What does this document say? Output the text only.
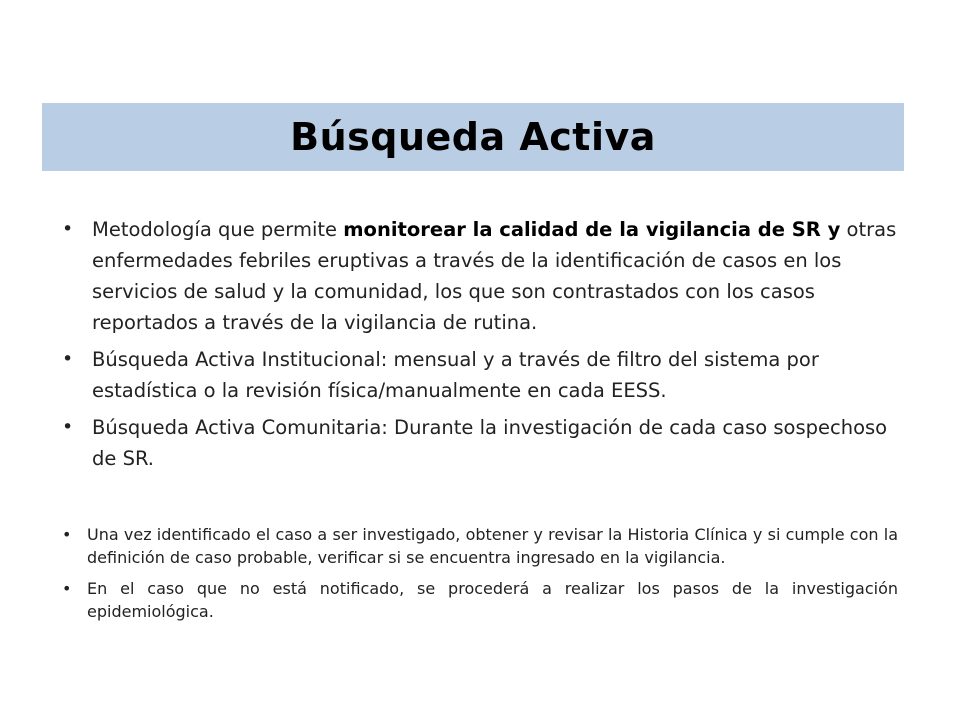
Búsqueda Activa
• Metodología que permite monitorear la calidad de la vigilancia de SR y otras enfermedades febriles eruptivas a través de la identificación de casos en los servicios de salud y la comunidad, los que son contrastados con los casos reportados a través de la vigilancia de rutina.
• Búsqueda Activa Institucional: mensual y a través de filtro del sistema por estadística o la revisión física/manualmente en cada EESS.
• Búsqueda Activa Comunitaria: Durante la investigación de cada caso sospechoso de SR.
• Una vez identificado el caso a ser investigado, obtener y revisar la Historia Clínica y si cumple con la definición de caso probable, verificar si se encuentra ingresado en la vigilancia.
• En el caso que no está notificado, se procederá a realizar los pasos de la investigación epidemiológica.
